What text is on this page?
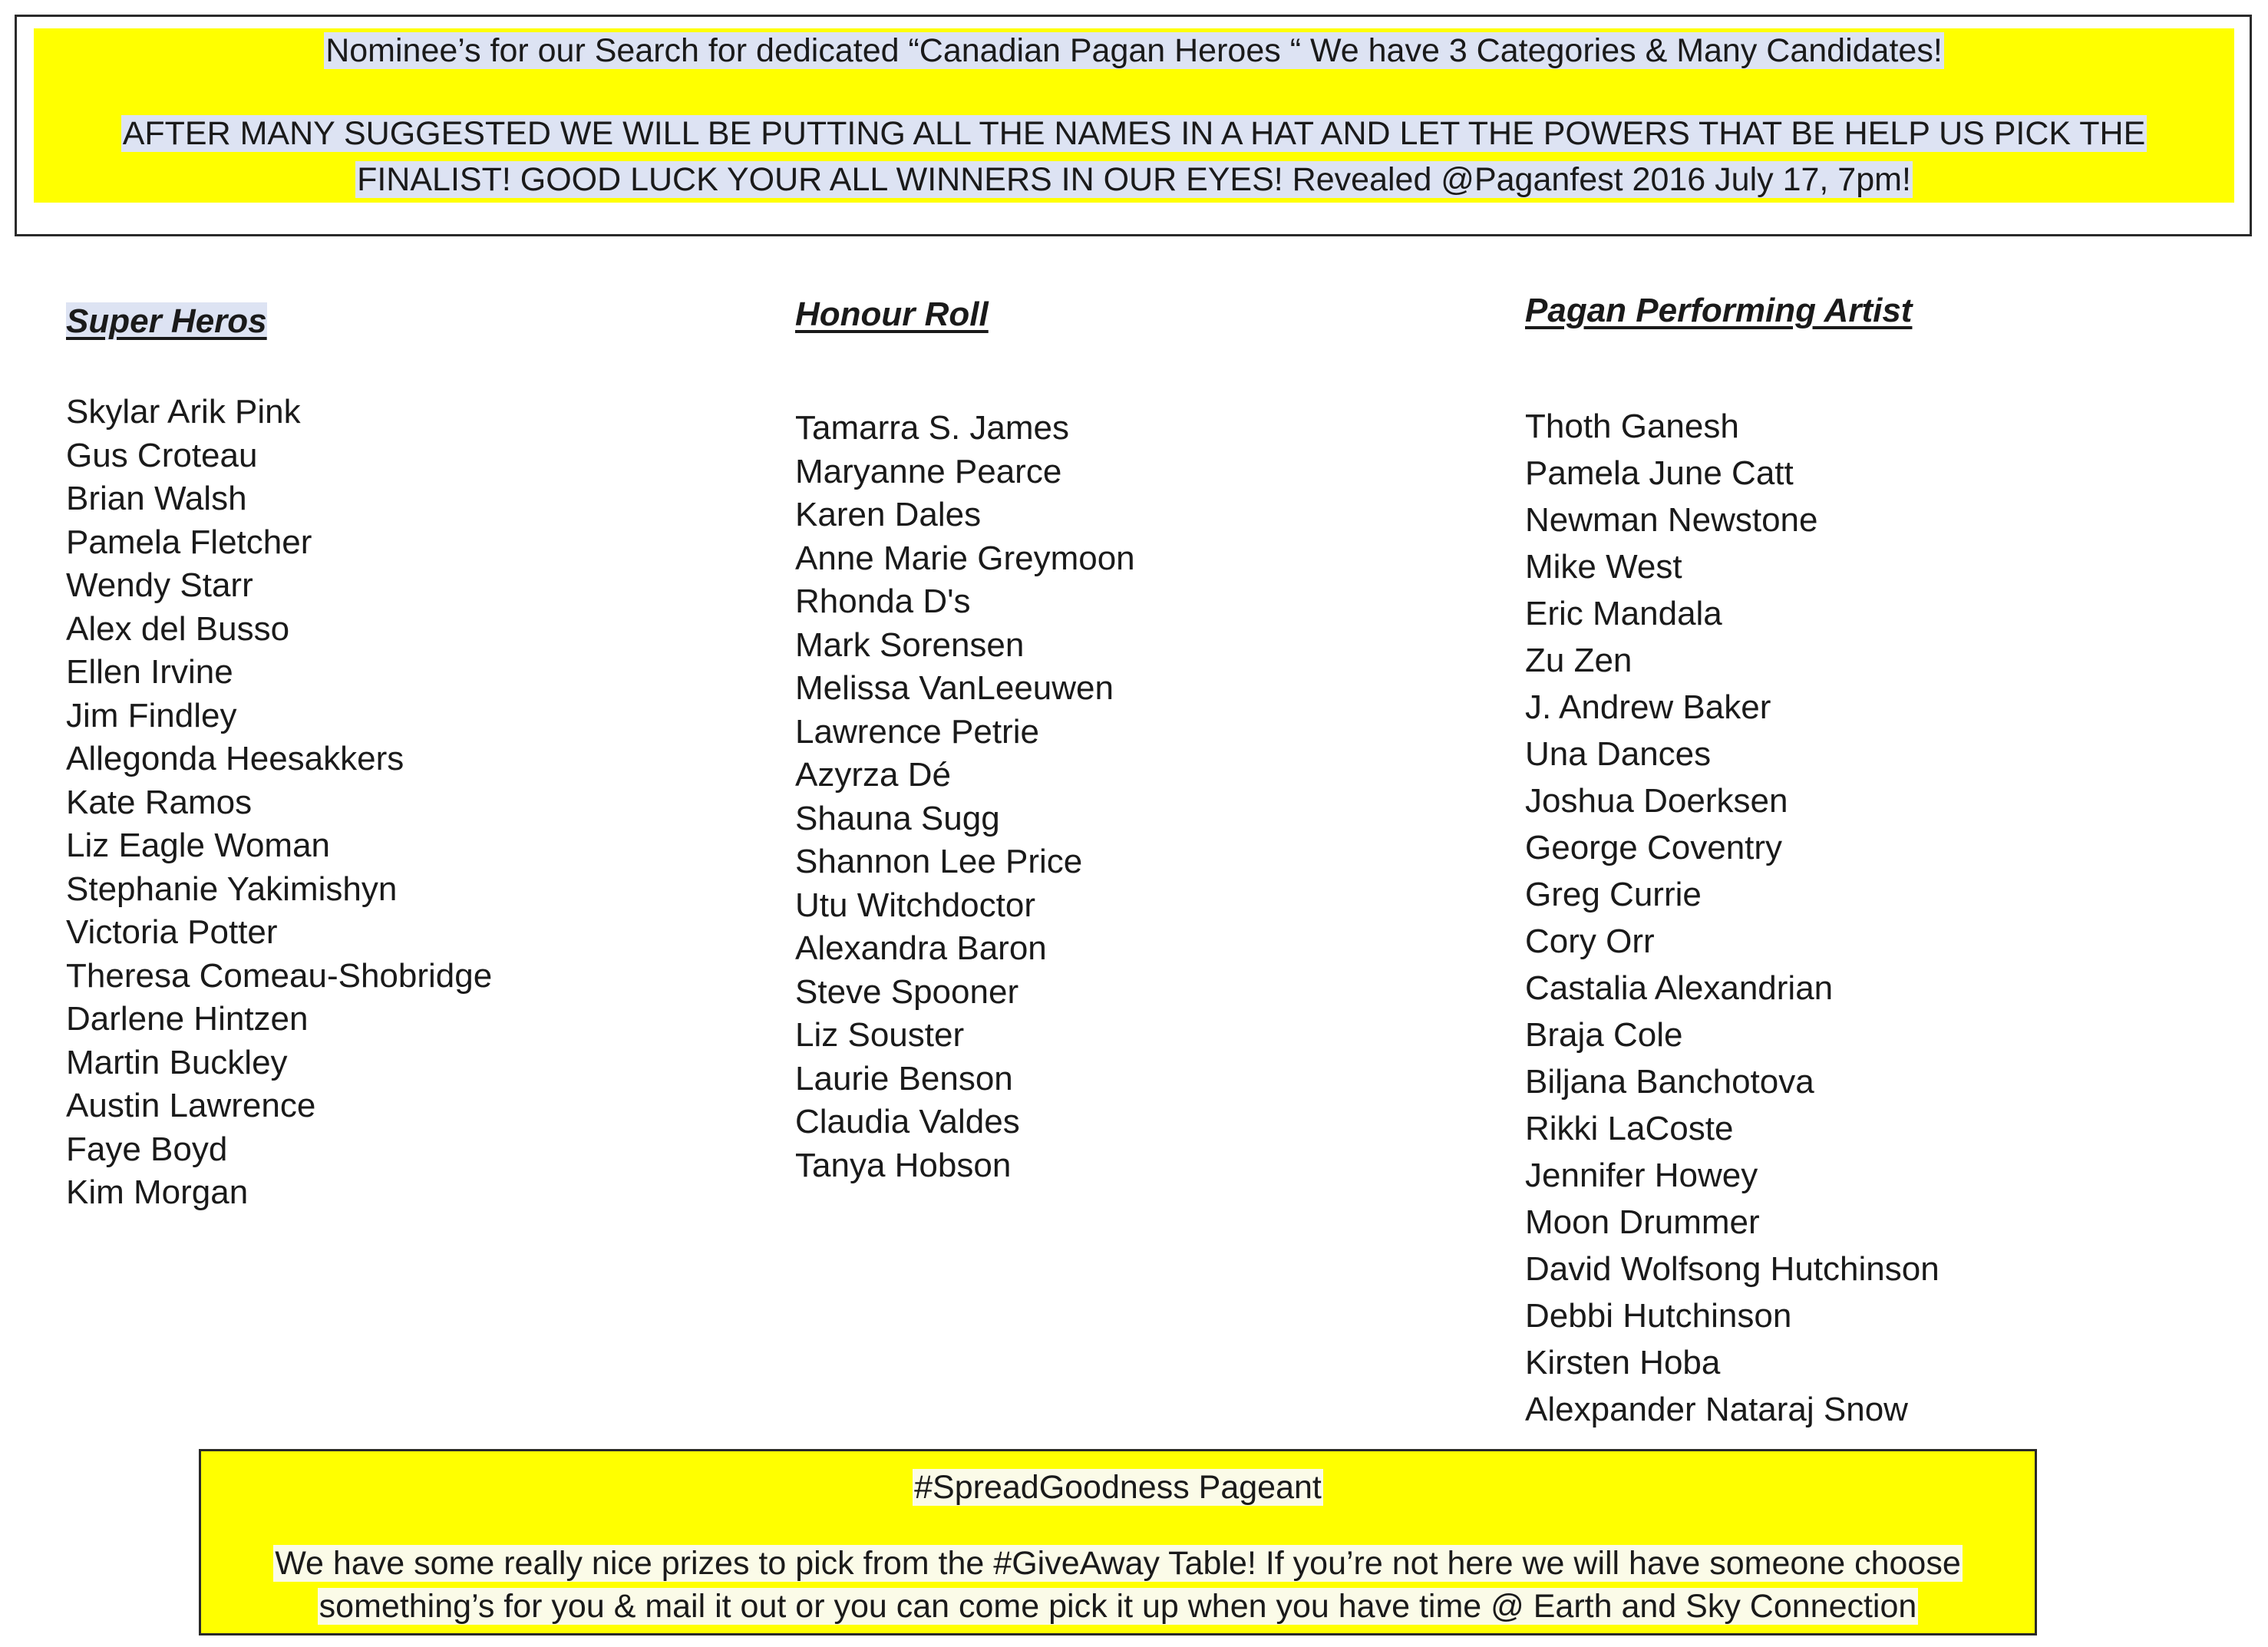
Nominee’s for our Search for dedicated “Canadian Pagan Heroes “ We have 3 Categories & Many Candidates!
AFTER MANY SUGGESTED WE WILL BE PUTTING ALL THE NAMES IN A HAT AND LET THE POWERS THAT BE HELP US PICK THE
FINALIST! GOOD LUCK YOUR ALL WINNERS IN OUR EYES! Revealed @Paganfest 2016 July 17, 7pm!
Super Heros
Skylar Arik Pink
Gus Croteau
Brian Walsh
Pamela Fletcher
Wendy Starr
Alex del Busso
Ellen Irvine
Jim Findley
Allegonda Heesakkers
Kate Ramos
Liz Eagle Woman
Stephanie Yakimishyn
Victoria Potter
Theresa Comeau-Shobridge
Darlene Hintzen
Martin Buckley
Austin Lawrence
Faye Boyd
Kim Morgan
Honour Roll
Tamarra S. James
Maryanne Pearce
Karen Dales
Anne Marie Greymoon
Rhonda D's
Mark Sorensen
Melissa VanLeeuwen
Lawrence Petrie
Azyrza Dé
Shauna Sugg
Shannon Lee Price
Utu Witchdoctor
Alexandra Baron
Steve Spooner
Liz Souster
Laurie Benson
Claudia Valdes
Tanya Hobson
Pagan Performing Artist
Thoth Ganesh
Pamela June Catt
Newman Newstone
Mike West
Eric Mandala
Zu Zen
J. Andrew Baker
Una Dances
Joshua Doerksen
George Coventry
Greg Currie
Cory Orr
Castalia Alexandrian
Braja Cole
Biljana Banchotova
Rikki LaCoste
Jennifer Howey
Moon Drummer
David Wolfsong Hutchinson
Debbi Hutchinson
Kirsten Hoba
Alexpander Nataraj Snow
#SpreadGoodness Pageant
We have some really nice prizes to pick from the #GiveAway Table! If you’re not here we will have someone choose
something’s for you & mail it out or you can come pick it up when you have time @ Earth and Sky Connection
